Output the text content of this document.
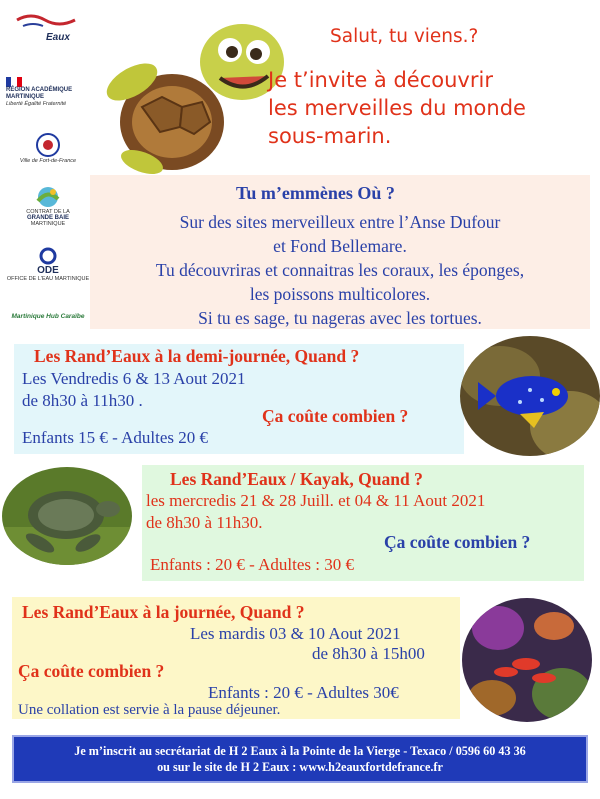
Eaux
RÉGION ACADÉMIQUE
MARTINIQUE
Liberté Égalité Fraternité
Ville de Fort-de-France
CONTRAT DE LA
GRANDE BAIE
MARTINIQUE
ODE
OFFICE DE L'EAU MARTINIQUE
Martinique Hub Caraïbe
Salut, tu viens.?
Je t’invite à découvrir
les merveilles du monde
sous-marin.
Tu m’emmènes Où ?
Sur des sites merveilleux entre l’Anse Dufour
et Fond Bellemare.
Tu découvriras et connaitras les coraux, les éponges,
les poissons multicolores.
Si tu es sage, tu nageras avec les tortues.
Les Rand’Eaux à la demi-journée, Quand ?
Les Vendredis 6 & 13 Aout 2021
de 8h30 à 11h30 .
Ça coûte combien ?
Enfants 15 € - Adultes 20 €
Les Rand’Eaux / Kayak, Quand ?
les mercredis 21 & 28 Juill. et 04 & 11 Aout 2021
de 8h30 à 11h30.
Ça coûte combien ?
Enfants : 20 € - Adultes : 30 €
Les Rand’Eaux à la journée, Quand ?
Les mardis 03 & 10 Aout 2021
de 8h30 à 15h00
Ça coûte combien ?
Enfants : 20 € - Adultes 30€
Une collation est servie à la pause déjeuner.
Je m’inscrit au secrétariat de H 2 Eaux à la Pointe de la Vierge - Texaco / 0596 60 43 36
ou sur le site de H 2 Eaux : www.h2eauxfortdefrance.fr
